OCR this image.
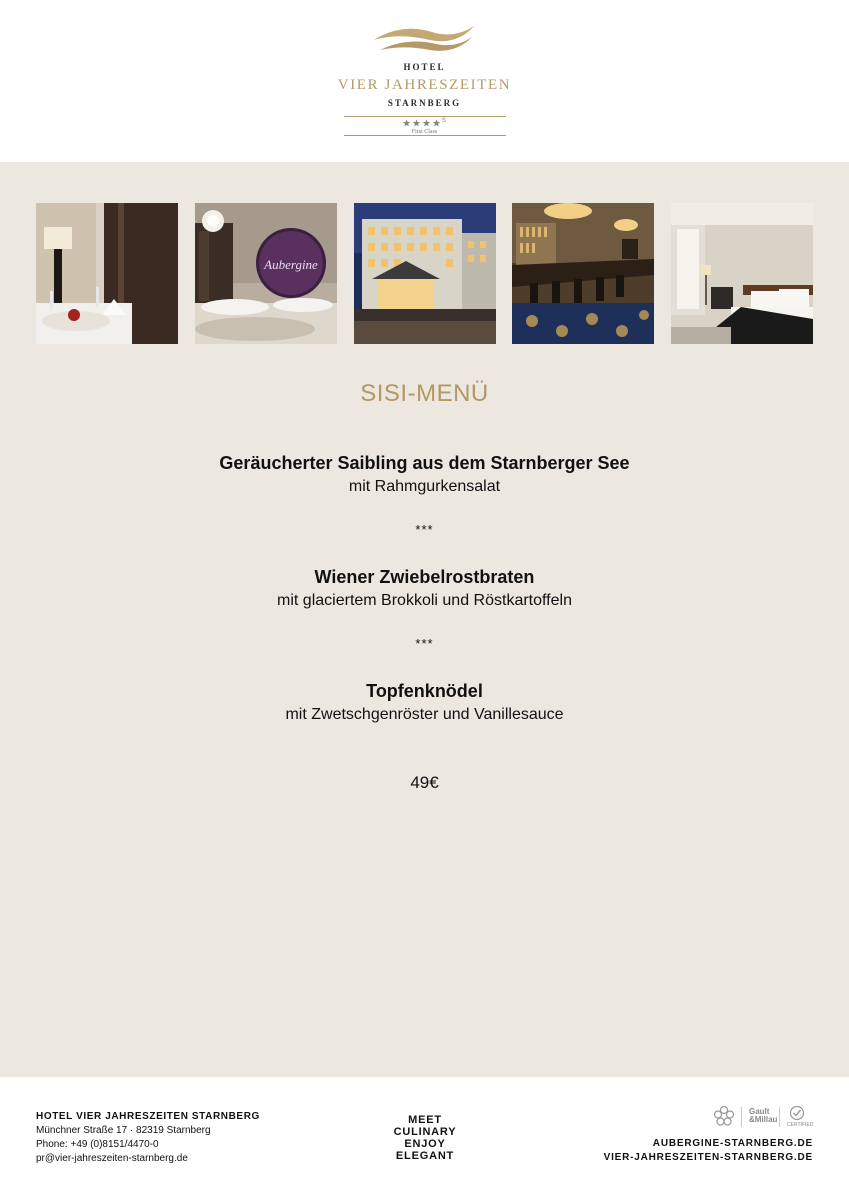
HOTEL
VIER JAHRESZEITEN
STARNBERG
★★★★$^S$
First Class
Aubergine
SISI-MENÜ
Geräucherter Saibling aus dem Starnberger See
mit Rahmgurkensalat
***
Wiener Zwiebelrostbraten
mit glaciertem Brokkoli und Röstkartoffeln
***
Topfenknödel
mit Zwetschgenröster und Vanillesauce
49€
HOTEL VIER JAHRESZEITEN STARNBERG
Münchner Straße 17 · 82319 Starnberg
Phone: +49 (0)8151/4470-0
pr@vier-jahreszeiten-starnberg.de
MEET
CULINARY
ENJOY
ELEGANT
Gault
&Millau
CERTIFIED
AUBERGINE-STARNBERG.DE
VIER-JAHRESZEITEN-STARNBERG.DE
